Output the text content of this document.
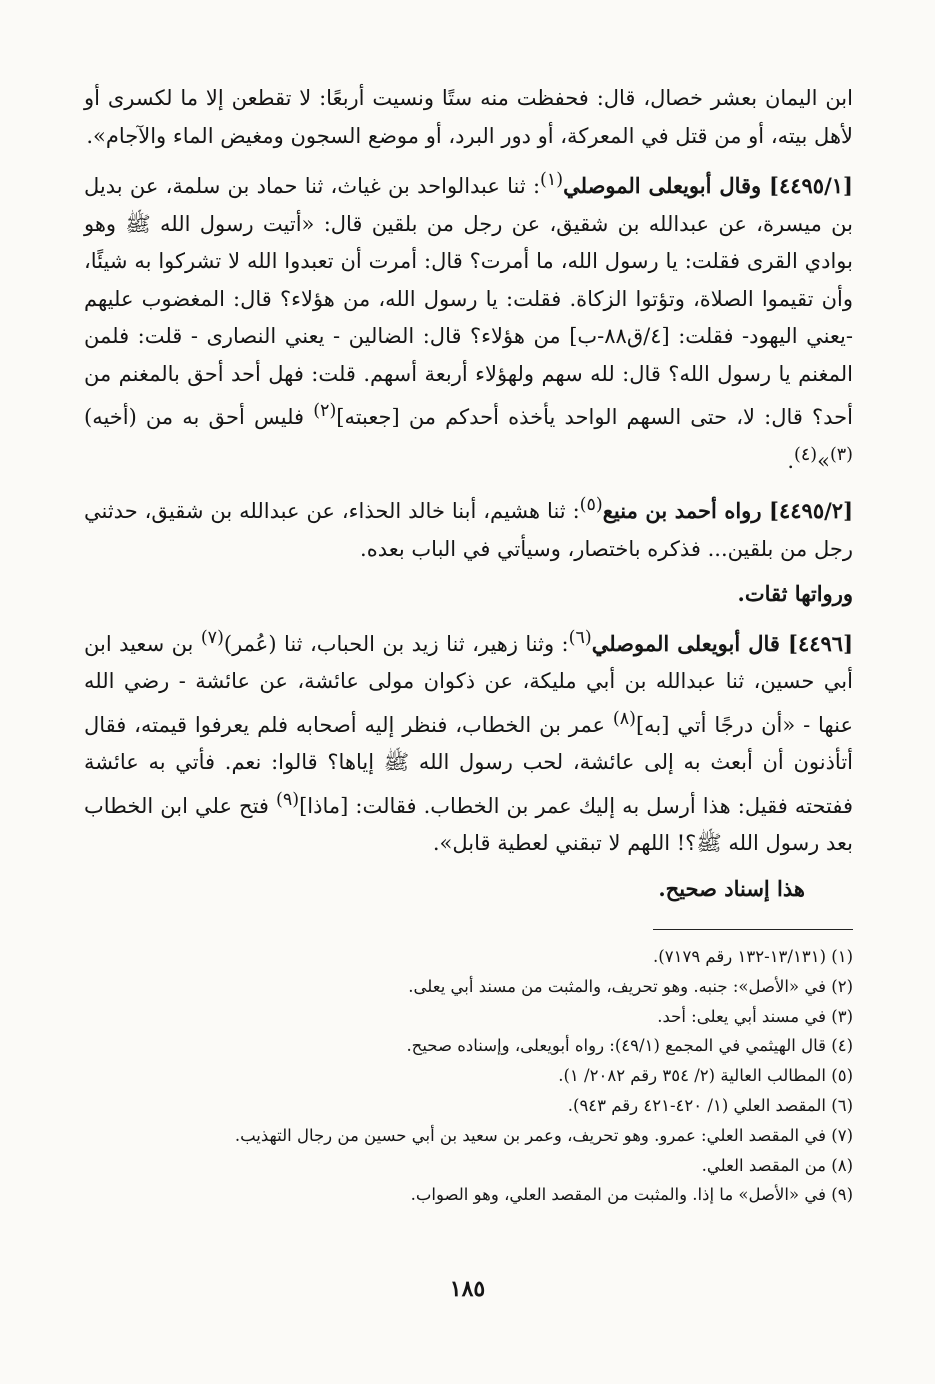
ابن اليمان بعشر خصال، قال: فحفظت منه ستًا ونسيت أربعًا: لا تقطعن إلا ما لكسرى أو لأهل بيته، أو من قتل في المعركة، أو دور البرد، أو موضع السجون ومغيض الماء والآجام».

[٤٤٩٥/١] وقال أبويعلى الموصلي$^{(١)}$: ثنا عبدالواحد بن غياث، ثنا حماد بن سلمة، عن بديل بن ميسرة، عن عبدالله بن شقيق، عن رجل من بلقين قال: «أتيت رسول الله ﷺ وهو بوادي القرى فقلت: يا رسول الله، ما أمرت؟ قال: أمرت أن تعبدوا الله لا تشركوا به شيئًا، وأن تقيموا الصلاة، وتؤتوا الزكاة. فقلت: يا رسول الله، من هؤلاء؟ قال: المغضوب عليهم -يعني اليهود- فقلت: [٤/ق٨٨-ب] من هؤلاء؟ قال: الضالين - يعني النصارى - قلت: فلمن المغنم يا رسول الله؟ قال: لله سهم ولهؤلاء أربعة أسهم. قلت: فهل أحد أحق بالمغنم من أحد؟ قال: لا، حتى السهم الواحد يأخذه أحدكم من [جعبته]$^{(٢)}$ فليس أحق به من (أخيه)$^{(٣)}$»$^{(٤)}$.

[٤٤٩٥/٢] رواه أحمد بن منيع$^{(٥)}$: ثنا هشيم، أبنا خالد الحذاء، عن عبدالله بن شقيق، حدثني رجل من بلقين... فذكره باختصار، وسيأتي في الباب بعده.

ورواتها ثقات.

[٤٤٩٦] قال أبويعلى الموصلي$^{(٦)}$: وثنا زهير، ثنا زيد بن الحباب، ثنا (عُمر)$^{(٧)}$ بن سعيد ابن أبي حسين، ثنا عبدالله بن أبي مليكة، عن ذكوان مولى عائشة، عن عائشة - رضي الله عنها - «أن درجًا أتي [به]$^{(٨)}$ عمر بن الخطاب، فنظر إليه أصحابه فلم يعرفوا قيمته، فقال أتأذنون أن أبعث به إلى عائشة، لحب رسول الله ﷺ إياها؟ قالوا: نعم. فأتي به عائشة ففتحته فقيل: هذا أرسل به إليك عمر بن الخطاب. فقالت: [ماذا]$^{(٩)}$ فتح علي ابن الخطاب بعد رسول الله ﷺ؟! اللهم لا تبقني لعطية قابل».

هذا إسناد صحيح.

(١) (١٣/١٣١-١٣٢ رقم ٧١٧٩).

(٢) في «الأصل»: جنبه. وهو تحريف، والمثبت من مسند أبي يعلى.

(٣) في مسند أبي يعلى: أحد.

(٤) قال الهيثمي في المجمع (٤٩/١): رواه أبويعلى، وإسناده صحيح.

(٥) المطالب العالية (٢/ ٣٥٤ رقم ٢٠٨٢/ ١).

(٦) المقصد العلي (١/ ٤٢٠-٤٢١ رقم ٩٤٣).

(٧) في المقصد العلي: عمرو. وهو تحريف، وعمر بن سعيد بن أبي حسين من رجال التهذيب.

(٨) من المقصد العلي.

(٩) في «الأصل» ما إذا. والمثبت من المقصد العلي، وهو الصواب.

١٨٥
